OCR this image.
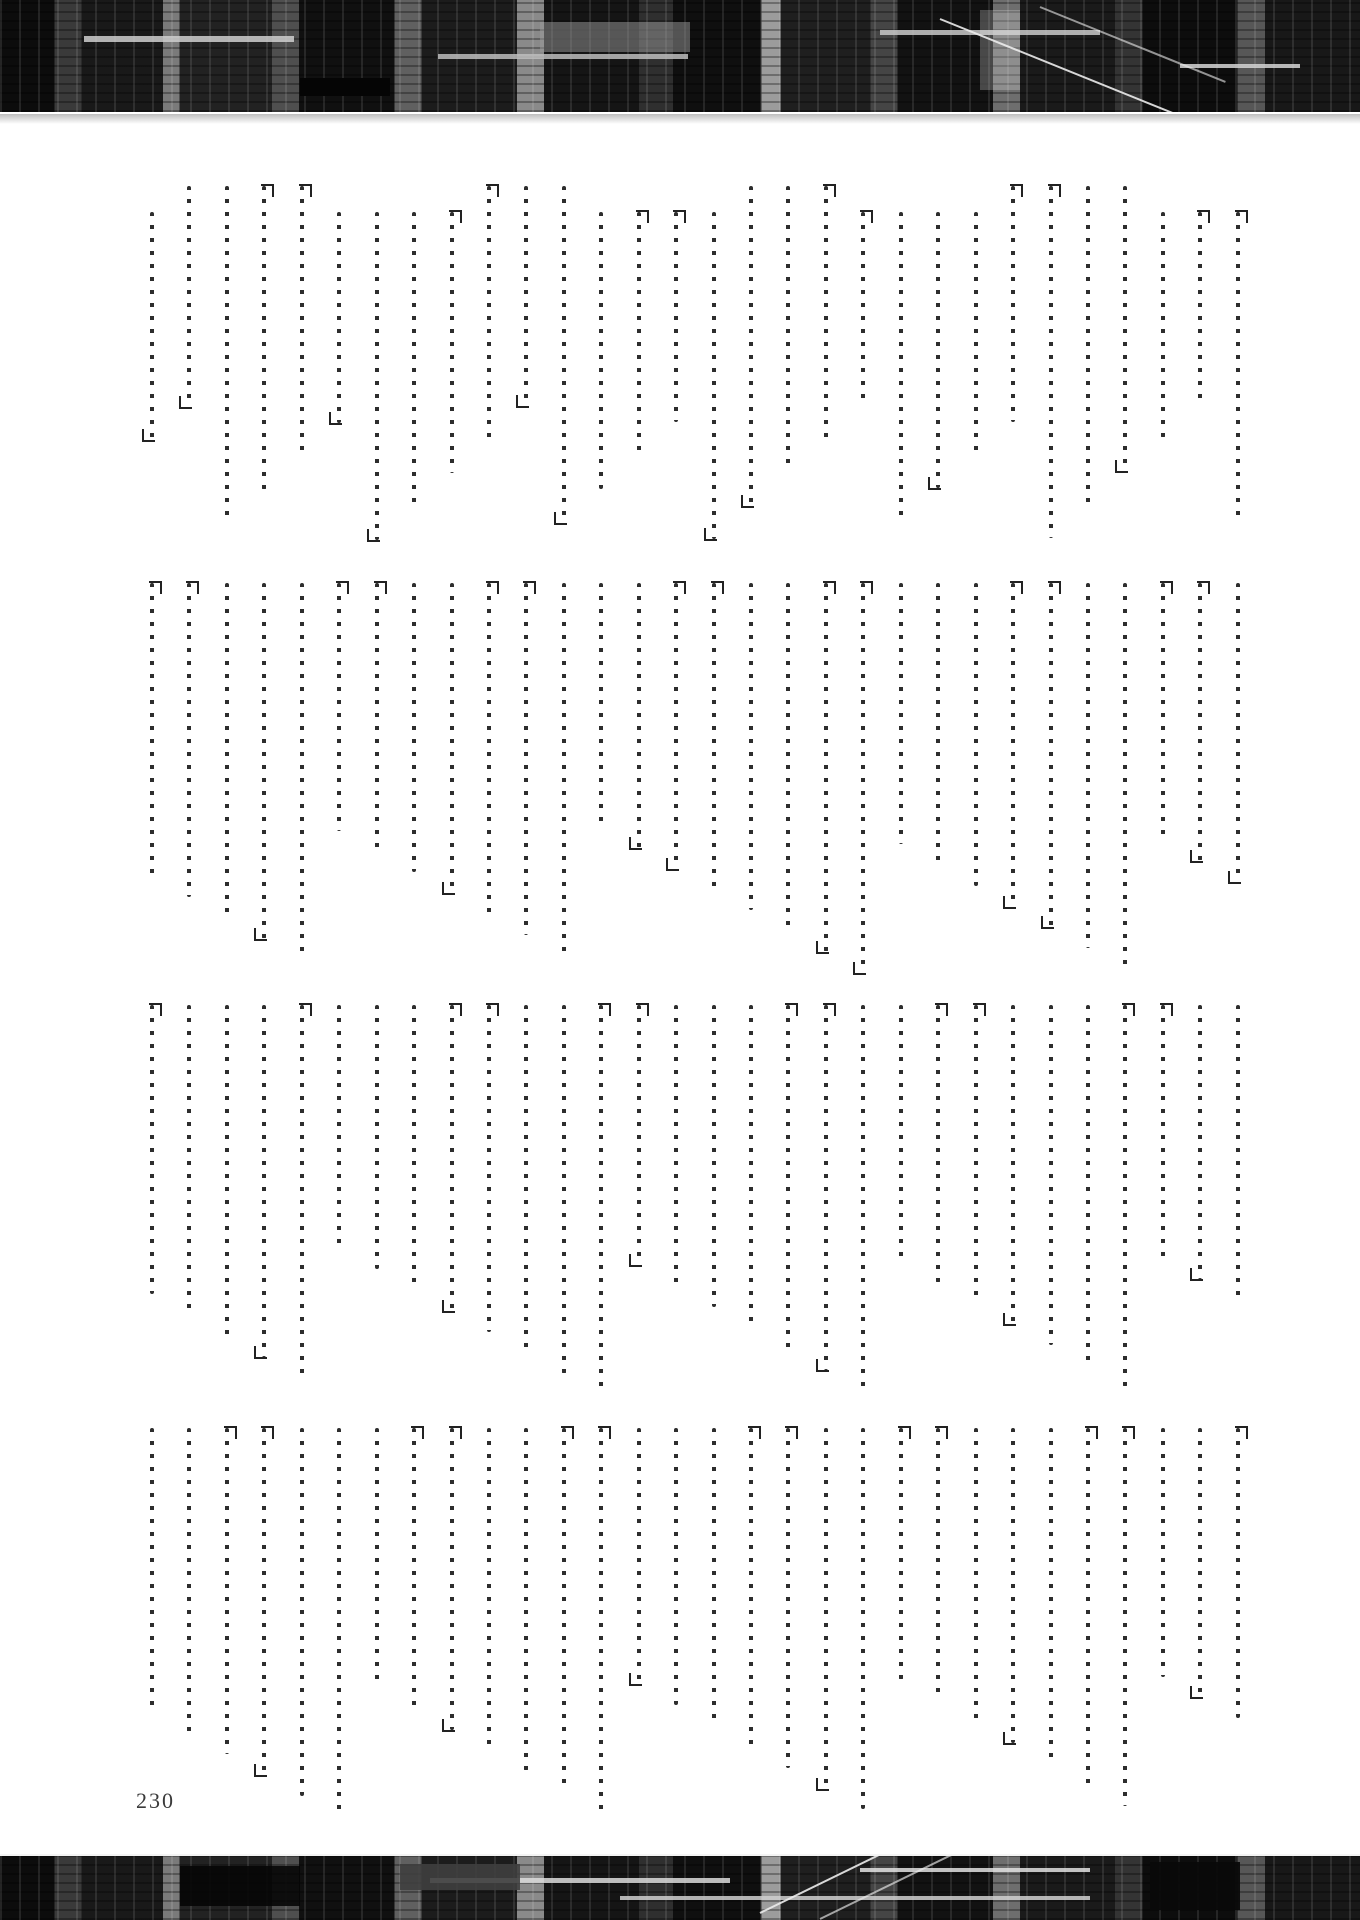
230
